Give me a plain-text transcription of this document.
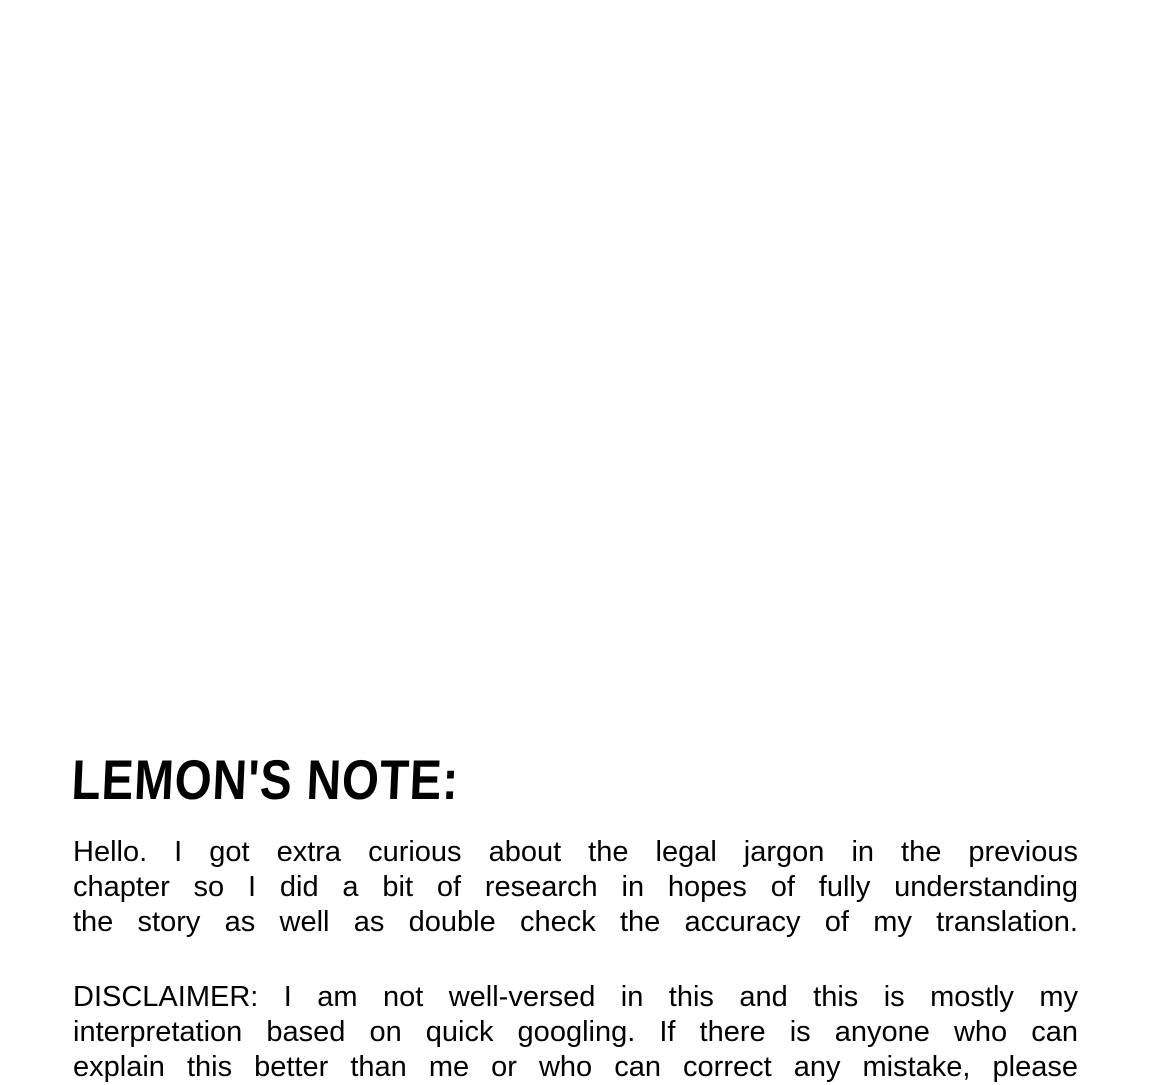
LEMON'S NOTE:
Hello. I got extra curious about the legal jargon in the previous
chapter so I did a bit of research in hopes of fully understanding
the story as well as double check the accuracy of my translation.
DISCLAIMER: I am not well-versed in this and this is mostly my
interpretation based on quick googling. If there is anyone who can
explain this better than me or who can correct any mistake, please
